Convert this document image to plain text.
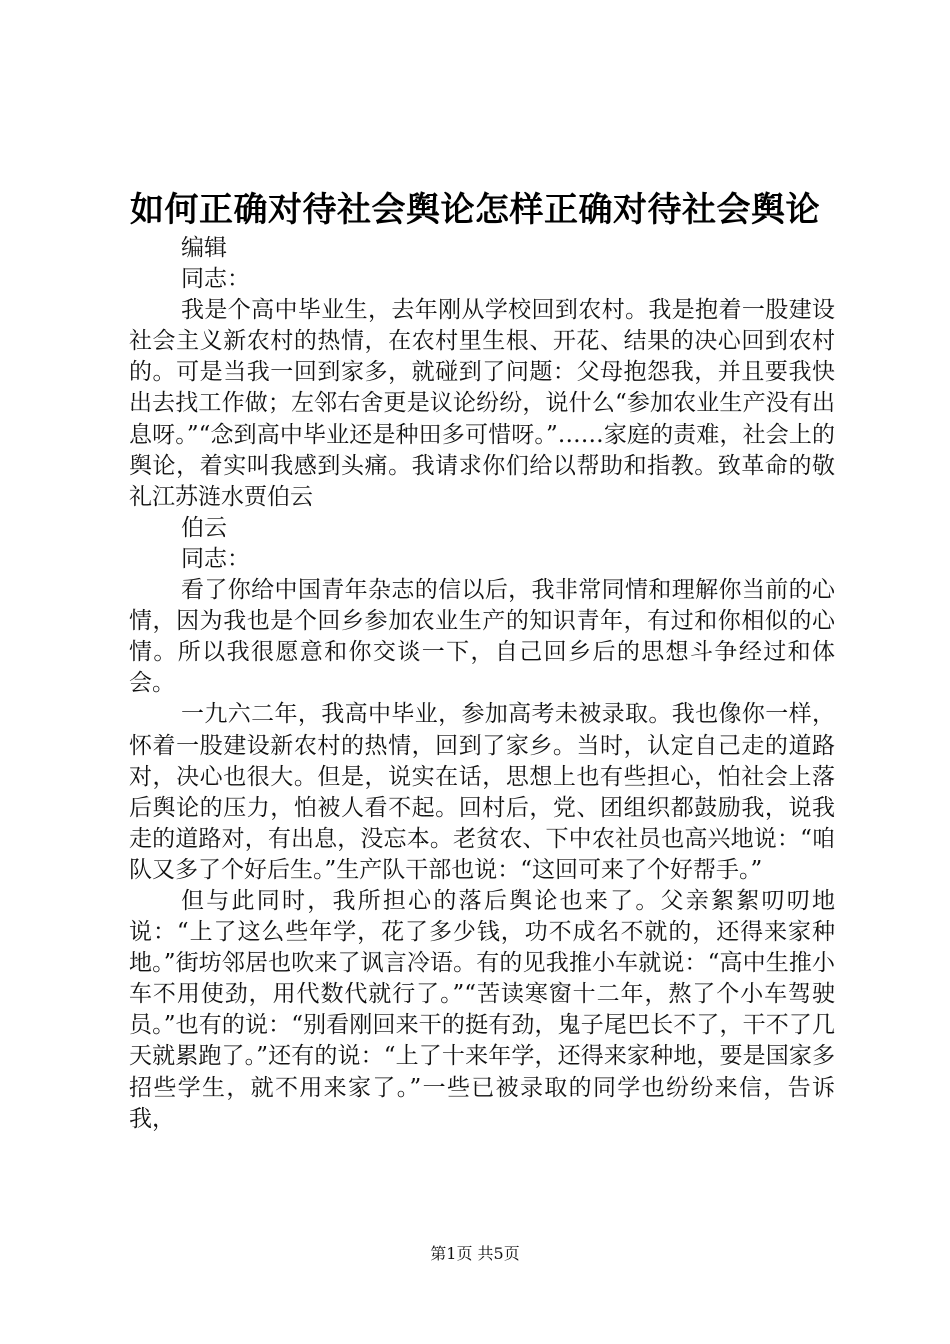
如何正确对待社会舆论怎样正确对待社会舆论

编辑

同志：

我是个高中毕业生，去年刚从学校回到农村。我是抱着一股建设社会主义新农村的热情，在农村里生根、开花、结果的决心回到农村的。可是当我一回到家多，就碰到了问题：父母抱怨我，并且要我快出去找工作做；左邻右舍更是议论纷纷，说什么“参加农业生产没有出息呀。”“念到高中毕业还是种田多可惜呀。”……家庭的责难，社会上的舆论，着实叫我感到头痛。我请求你们给以帮助和指教。致革命的敬礼江苏涟水贾伯云

伯云

同志：

看了你给中国青年杂志的信以后，我非常同情和理解你当前的心情，因为我也是个回乡参加农业生产的知识青年，有过和你相似的心情。所以我很愿意和你交谈一下，自己回乡后的思想斗争经过和体会。

一九六二年，我高中毕业，参加高考未被录取。我也像你一样，怀着一股建设新农村的热情，回到了家乡。当时，认定自己走的道路对，决心也很大。但是，说实在话，思想上也有些担心，怕社会上落后舆论的压力，怕被人看不起。回村后，党、团组织都鼓励我，说我走的道路对，有出息，没忘本。老贫农、下中农社员也高兴地说：“咱队又多了个好后生。”生产队干部也说：“这回可来了个好帮手。”

但与此同时，我所担心的落后舆论也来了。父亲絮絮叨叨地说：“上了这么些年学，花了多少钱，功不成名不就的，还得来家种地。”街坊邻居也吹来了讽言冷语。有的见我推小车就说：“高中生推小车不用使劲，用代数代就行了。”“苦读寒窗十二年，熬了个小车驾驶员。”也有的说：“别看刚回来干的挺有劲，鬼子尾巴长不了，干不了几天就累跑了。”还有的说：“上了十来年学，还得来家种地，要是国家多招些学生，就不用来家了。”一些已被录取的同学也纷纷来信，告诉我，

第1页 共5页
